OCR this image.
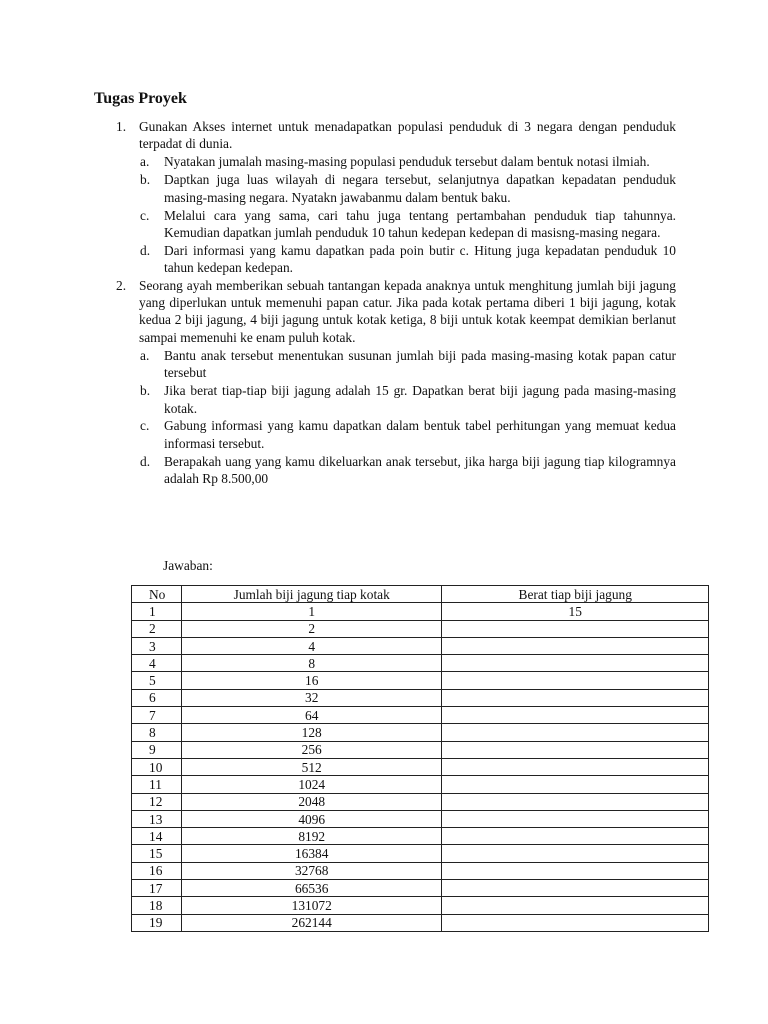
Tugas Proyek
1. Gunakan Akses internet untuk menadapatkan populasi penduduk di 3 negara dengan penduduk terpadat di dunia.
a. Nyatakan jumalah masing-masing populasi penduduk tersebut dalam bentuk notasi ilmiah.
b. Daptkan juga luas wilayah di negara tersebut, selanjutnya dapatkan kepadatan penduduk masing-masing negara. Nyatakn jawabanmu dalam bentuk baku.
c. Melalui cara yang sama, cari tahu juga tentang pertambahan penduduk tiap tahunnya. Kemudian dapatkan jumlah penduduk 10 tahun kedepan kedepan di masisng-masing negara.
d. Dari informasi yang kamu dapatkan pada poin butir c. Hitung juga kepadatan penduduk 10 tahun kedepan kedepan.
2. Seorang ayah memberikan sebuah tantangan kepada anaknya untuk menghitung jumlah biji jagung yang diperlukan untuk memenuhi papan catur. Jika pada kotak pertama diberi 1 biji jagung, kotak kedua 2 biji jagung, 4 biji jagung untuk kotak ketiga, 8 biji untuk kotak keempat demikian berlanut sampai memenuhi ke enam puluh kotak.
a. Bantu anak tersebut menentukan susunan jumlah biji pada masing-masing kotak papan catur tersebut
b. Jika berat tiap-tiap biji jagung adalah 15 gr. Dapatkan berat biji jagung pada masing-masing kotak.
c. Gabung informasi yang kamu dapatkan dalam bentuk tabel perhitungan yang memuat kedua informasi tersebut.
d. Berapakah uang yang kamu dikeluarkan anak tersebut, jika harga biji jagung tiap kilogramnya adalah Rp 8.500,00
Jawaban:
No	Jumlah biji jagung tiap kotak	Berat tiap biji jagung
1	1	15
2	2	
3	4	
4	8	
5	16	
6	32	
7	64	
8	128	
9	256	
10	512	
11	1024	
12	2048	
13	4096	
14	8192	
15	16384	
16	32768	
17	66536	
18	131072	
19	262144	
